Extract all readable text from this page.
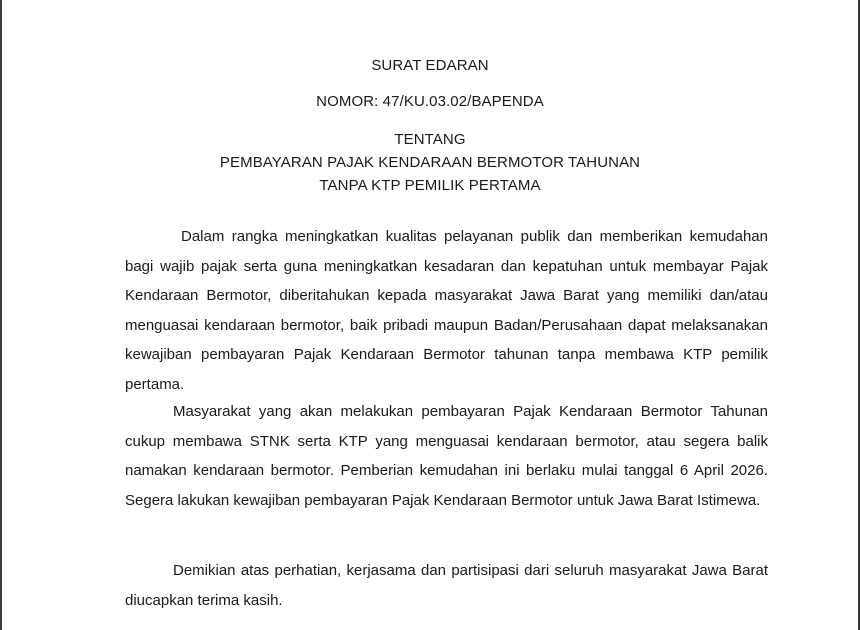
SURAT EDARAN
NOMOR: 47/KU.03.02/BAPENDA
TENTANG
PEMBAYARAN PAJAK KENDARAAN BERMOTOR TAHUNAN
TANPA KTP PEMILIK PERTAMA

Dalam rangka meningkatkan kualitas pelayanan publik dan memberikan kemudahan bagi wajib pajak serta guna meningkatkan kesadaran dan kepatuhan untuk membayar Pajak Kendaraan Bermotor, diberitahukan kepada masyarakat Jawa Barat yang memiliki dan/atau menguasai kendaraan bermotor, baik pribadi maupun Badan/Perusahaan dapat melaksanakan kewajiban pembayaran Pajak Kendaraan Bermotor tahunan tanpa membawa KTP pemilik pertama.

Masyarakat yang akan melakukan pembayaran Pajak Kendaraan Bermotor Tahunan cukup membawa STNK serta KTP yang menguasai kendaraan bermotor, atau segera balik namakan kendaraan bermotor. Pemberian kemudahan ini berlaku mulai tanggal 6 April 2026. Segera lakukan kewajiban pembayaran Pajak Kendaraan Bermotor untuk Jawa Barat Istimewa.

Demikian atas perhatian, kerjasama dan partisipasi dari seluruh masyarakat Jawa Barat diucapkan terima kasih.
